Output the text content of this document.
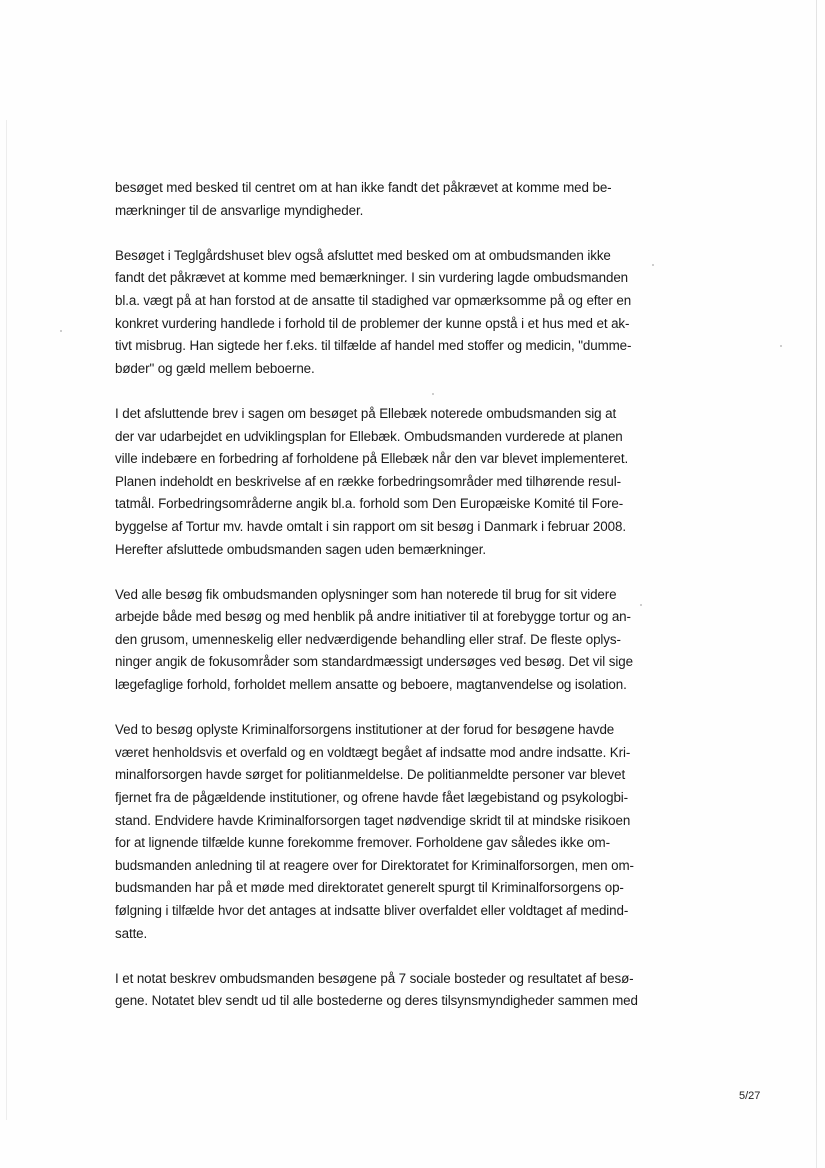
besøget med besked til centret om at han ikke fandt det påkrævet at komme med be-
mærkninger til de ansvarlige myndigheder.

Besøget i Teglgårdshuset blev også afsluttet med besked om at ombudsmanden ikke
fandt det påkrævet at komme med bemærkninger. I sin vurdering lagde ombudsmanden
bl.a. vægt på at han forstod at de ansatte til stadighed var opmærksomme på og efter en
konkret vurdering handlede i forhold til de problemer der kunne opstå i et hus med et ak-
tivt misbrug. Han sigtede her f.eks. til tilfælde af handel med stoffer og medicin, "dumme-
bøder" og gæld mellem beboerne.

I det afsluttende brev i sagen om besøget på Ellebæk noterede ombudsmanden sig at
der var udarbejdet en udviklingsplan for Ellebæk. Ombudsmanden vurderede at planen
ville indebære en forbedring af forholdene på Ellebæk når den var blevet implementeret.
Planen indeholdt en beskrivelse af en række forbedringsområder med tilhørende resul-
tatmål. Forbedringsområderne angik bl.a. forhold som Den Europæiske Komité til Fore-
byggelse af Tortur mv. havde omtalt i sin rapport om sit besøg i Danmark i februar 2008.
Herefter afsluttede ombudsmanden sagen uden bemærkninger.

Ved alle besøg fik ombudsmanden oplysninger som han noterede til brug for sit videre
arbejde både med besøg og med henblik på andre initiativer til at forebygge tortur og an-
den grusom, umenneskelig eller nedværdigende behandling eller straf. De fleste oplys-
ninger angik de fokusområder som standardmæssigt undersøges ved besøg. Det vil sige
lægefaglige forhold, forholdet mellem ansatte og beboere, magtanvendelse og isolation.

Ved to besøg oplyste Kriminalforsorgens institutioner at der forud for besøgene havde
været henholdsvis et overfald og en voldtægt begået af indsatte mod andre indsatte. Kri-
minalforsorgen havde sørget for politianmeldelse. De politianmeldte personer var blevet
fjernet fra de pågældende institutioner, og ofrene havde fået lægebistand og psykologbi-
stand. Endvidere havde Kriminalforsorgen taget nødvendige skridt til at mindske risikoen
for at lignende tilfælde kunne forekomme fremover. Forholdene gav således ikke om-
budsmanden anledning til at reagere over for Direktoratet for Kriminalforsorgen, men om-
budsmanden har på et møde med direktoratet generelt spurgt til Kriminalforsorgens op-
følgning i tilfælde hvor det antages at indsatte bliver overfaldet eller voldtaget af medind-
satte.

I et notat beskrev ombudsmanden besøgene på 7 sociale bosteder og resultatet af besø-
gene. Notatet blev sendt ud til alle bostederne og deres tilsynsmyndigheder sammen med

5/27
